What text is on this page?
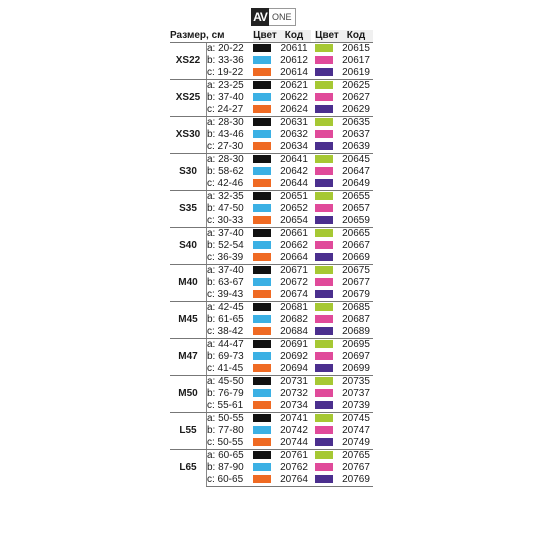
AV ONE
Размер, см		Цвет	Код		Цвет	Код
XS22	a: 20-22		20611			20615
	b: 33-36		20612			20617
	c: 19-22		20614			20619
XS25	a: 23-25		20621			20625
	b: 37-40		20622			20627
	c: 24-27		20624			20629
XS30	a: 28-30		20631			20635
	b: 43-46		20632			20637
	c: 27-30		20634			20639
S30	a: 28-30		20641			20645
	b: 58-62		20642			20647
	c: 42-46		20644			20649
S35	a: 32-35		20651			20655
	b: 47-50		20652			20657
	c: 30-33		20654			20659
S40	a: 37-40		20661			20665
	b: 52-54		20662			20667
	c: 36-39		20664			20669
M40	a: 37-40		20671			20675
	b: 63-67		20672			20677
	c: 39-43		20674			20679
M45	a: 42-45		20681			20685
	b: 61-65		20682			20687
	c: 38-42		20684			20689
M47	a: 44-47		20691			20695
	b: 69-73		20692			20697
	c: 41-45		20694			20699
M50	a: 45-50		20731			20735
	b: 76-79		20732			20737
	c: 55-61		20734			20739
L55	a: 50-55		20741			20745
	b: 77-80		20742			20747
	c: 50-55		20744			20749
L65	a: 60-65		20761			20765
	b: 87-90		20762			20767
	c: 60-65		20764			20769
